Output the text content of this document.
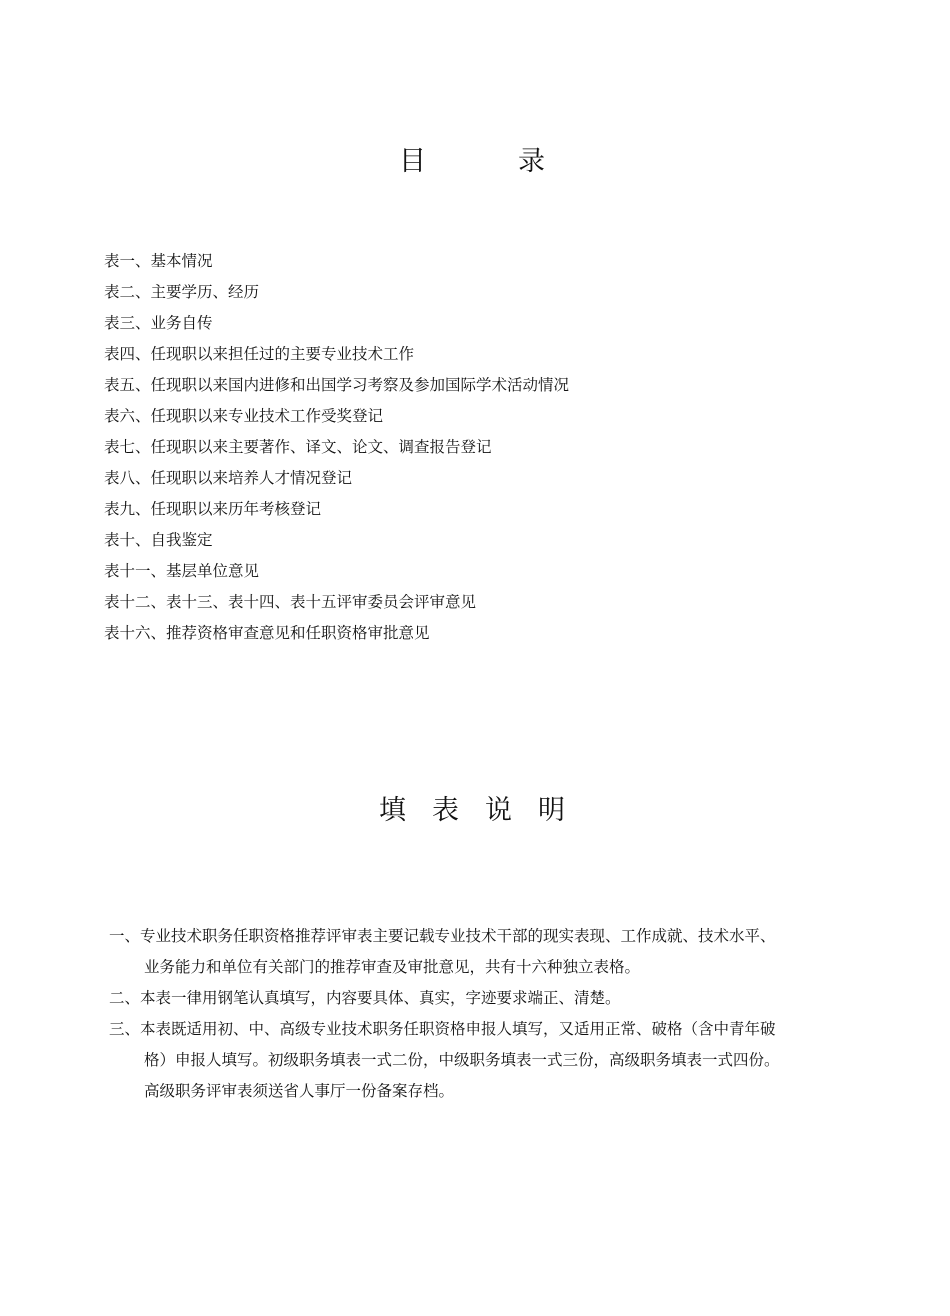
目	录
表一、基本情况
表二、主要学历、经历
表三、业务自传
表四、任现职以来担任过的主要专业技术工作
表五、任现职以来国内进修和出国学习考察及参加国际学术活动情况
表六、任现职以来专业技术工作受奖登记
表七、任现职以来主要著作、译文、论文、调查报告登记
表八、任现职以来培养人才情况登记
表九、任现职以来历年考核登记
表十、自我鉴定
表十一、基层单位意见
表十二、表十三、表十四、表十五评审委员会评审意见
表十六、推荐资格审查意见和任职资格审批意见
填 表 说 明
一、专业技术职务任职资格推荐评审表主要记载专业技术干部的现实表现、工作成就、技术水平、
业务能力和单位有关部门的推荐审查及审批意见，共有十六种独立表格。
二、本表一律用钢笔认真填写，内容要具体、真实，字迹要求端正、清楚。
三、本表既适用初、中、高级专业技术职务任职资格申报人填写，又适用正常、破格（含中青年破
格）申报人填写。初级职务填表一式二份，中级职务填表一式三份，高级职务填表一式四份。
高级职务评审表须送省人事厅一份备案存档。
